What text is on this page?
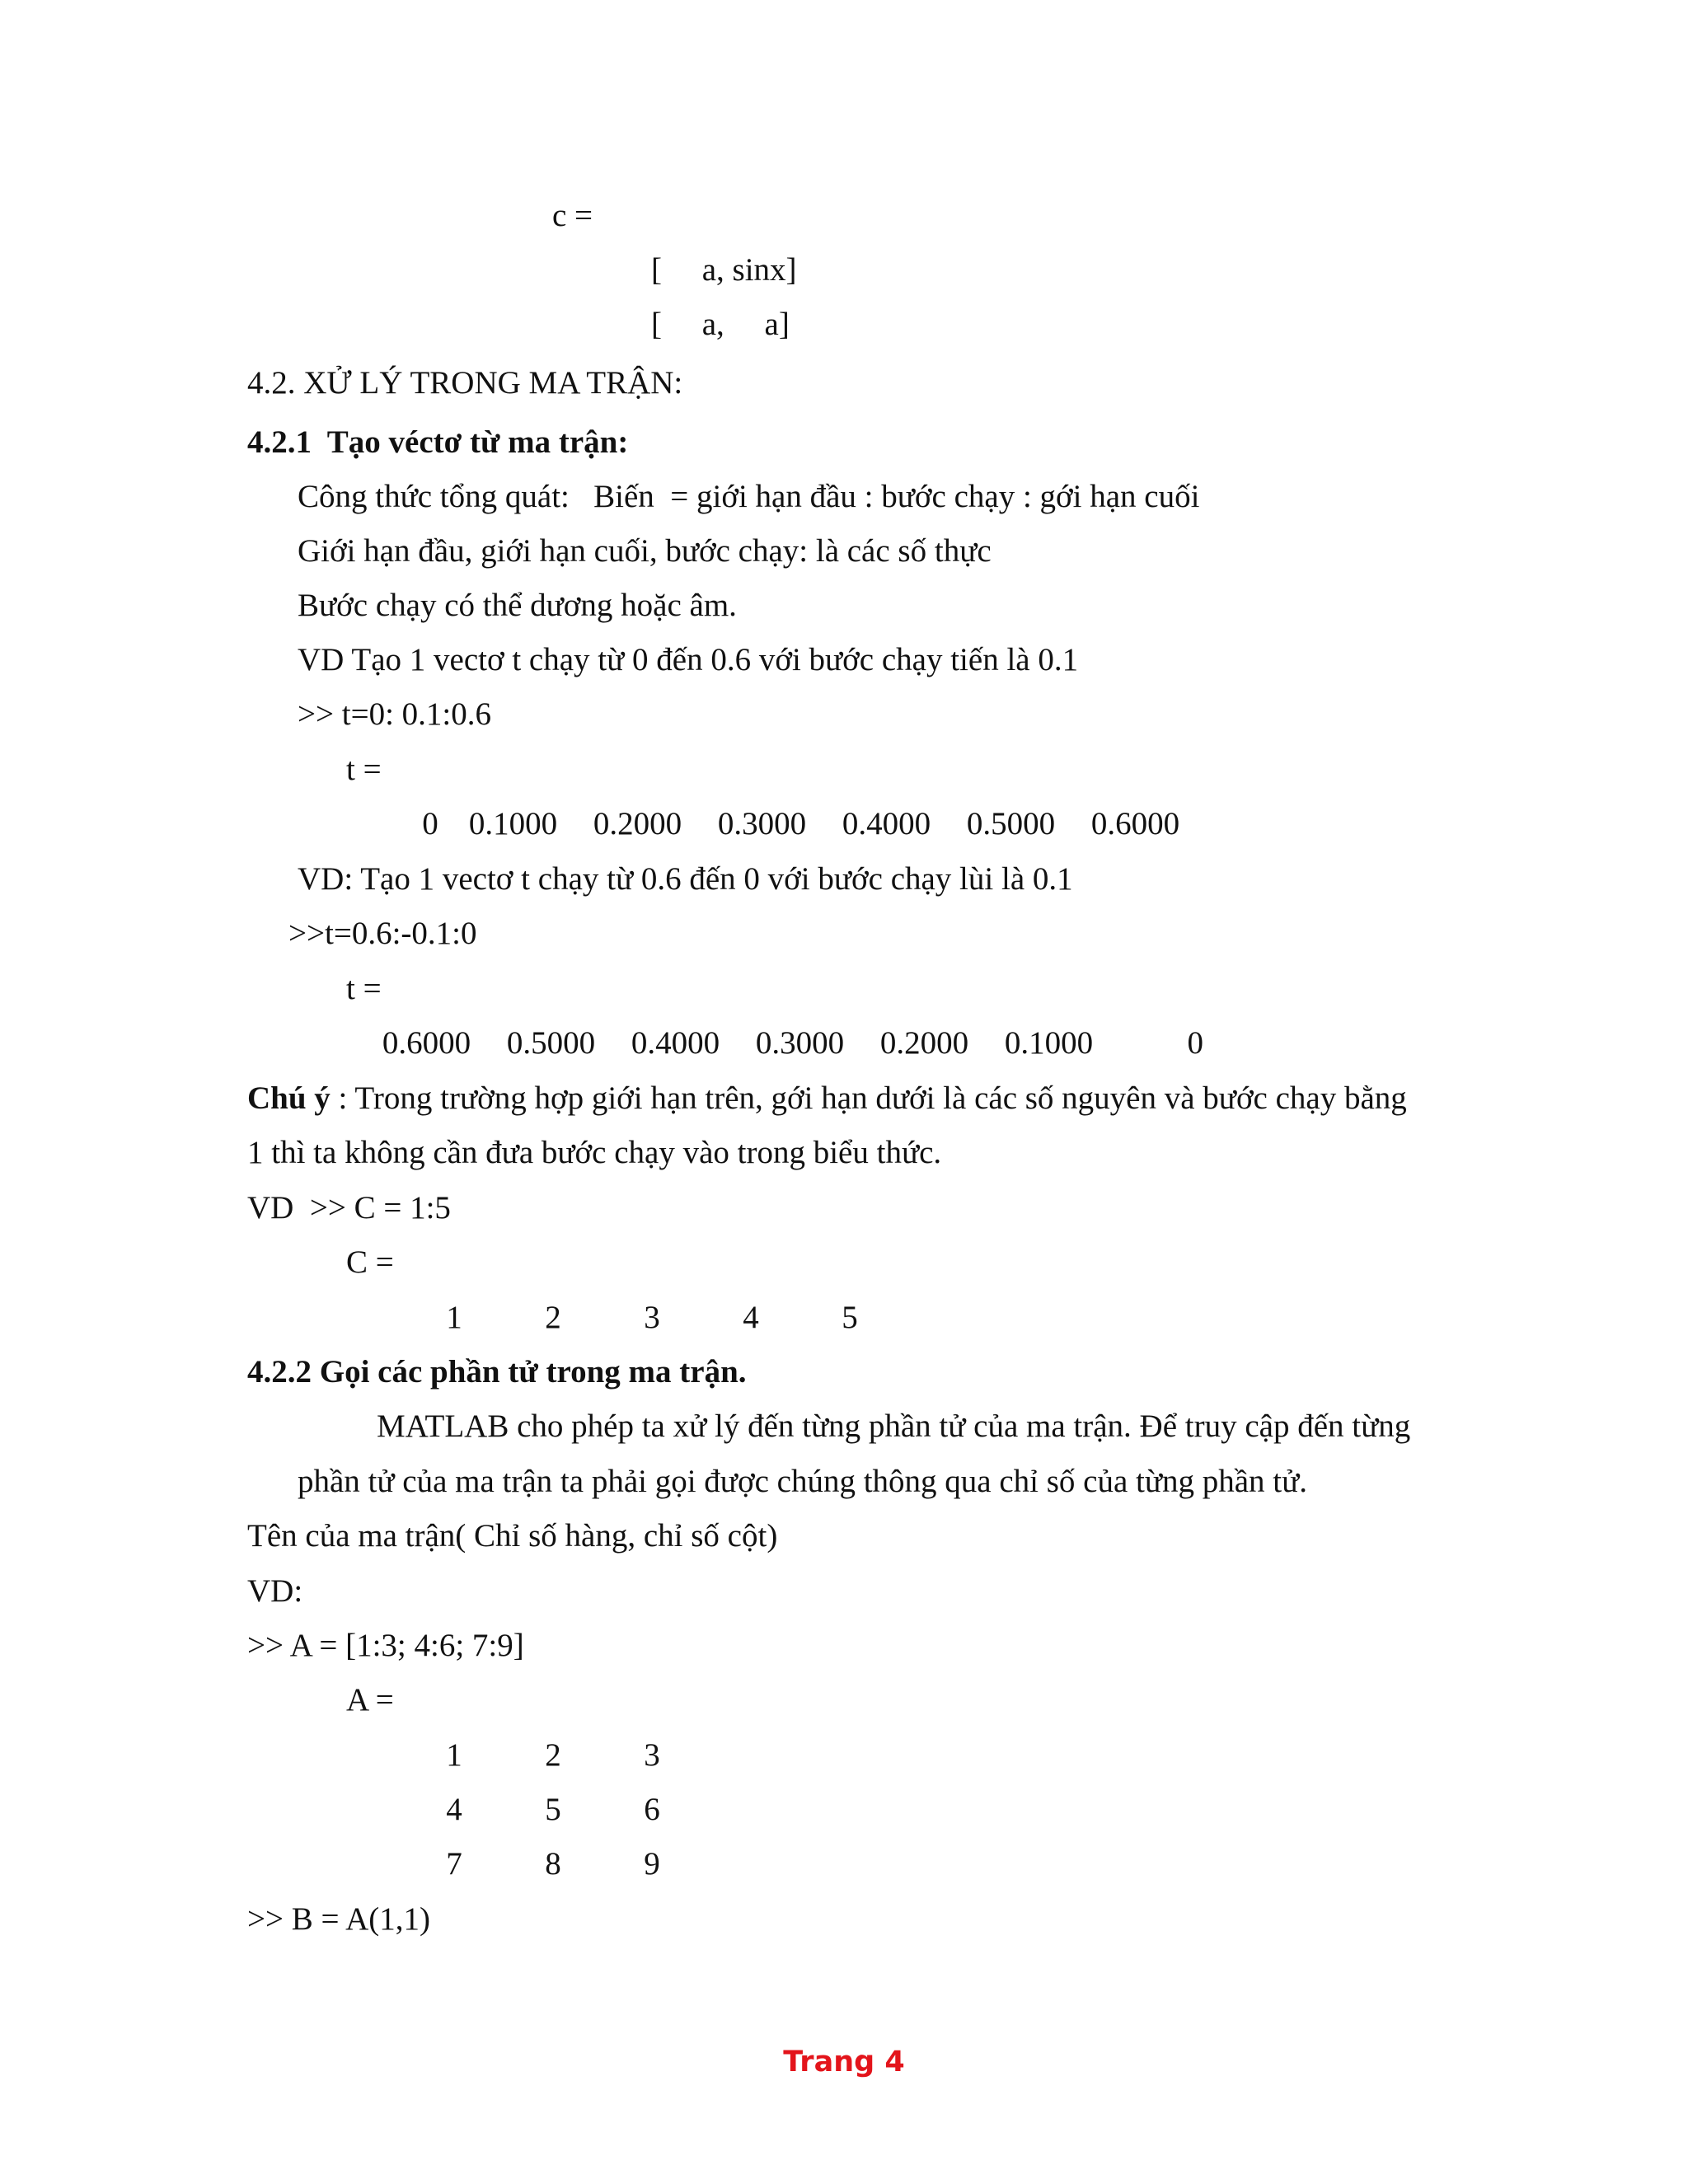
c =
[     a, sinx]
[     a,     a]
4.2. XỬ LÝ TRONG MA TRẬN:
4.2.1  Tạo véctơ từ ma trận:
Công thức tổng quát:   Biến  = giới hạn đầu : bước chạy : gới hạn cuối
Giới hạn đầu, giới hạn cuối, bước chạy: là các số thực
Bước chạy có thể dương hoặc âm.
VD Tạo 1 vectơ t chạy từ 0 đến 0.6 với bước chạy tiến là 0.1
>> t=0: 0.1:0.6
t =
0 0.1000	0.2000	0.3000	0.4000	0.5000	0.6000
VD: Tạo 1 vectơ t chạy từ 0.6 đến 0 với bước chạy lùi là 0.1
>>t=0.6:-0.1:0
t =
0.6000	0.5000	0.4000	0.3000	0.2000	0.1000	0
Chú ý : Trong trường hợp giới hạn trên, gới hạn dưới là các số nguyên và bước chạy bằng
1 thì ta không cần đưa bước chạy vào trong biểu thức.
VD  >> C = 1:5
C =
1	2	3	4	5
4.2.2 Gọi các phần tử trong ma trận.
MATLAB cho phép ta xử lý đến từng phần tử của ma trận. Để truy cập đến từng
phần tử của ma trận ta phải gọi được chúng thông qua chỉ số của từng phần tử.
Tên của ma trận( Chỉ số hàng, chỉ số cột)
VD:
>> A = [1:3; 4:6; 7:9]
A =
1	2	3
4	5	6
7	8	9
>> B = A(1,1)
Trang 4
